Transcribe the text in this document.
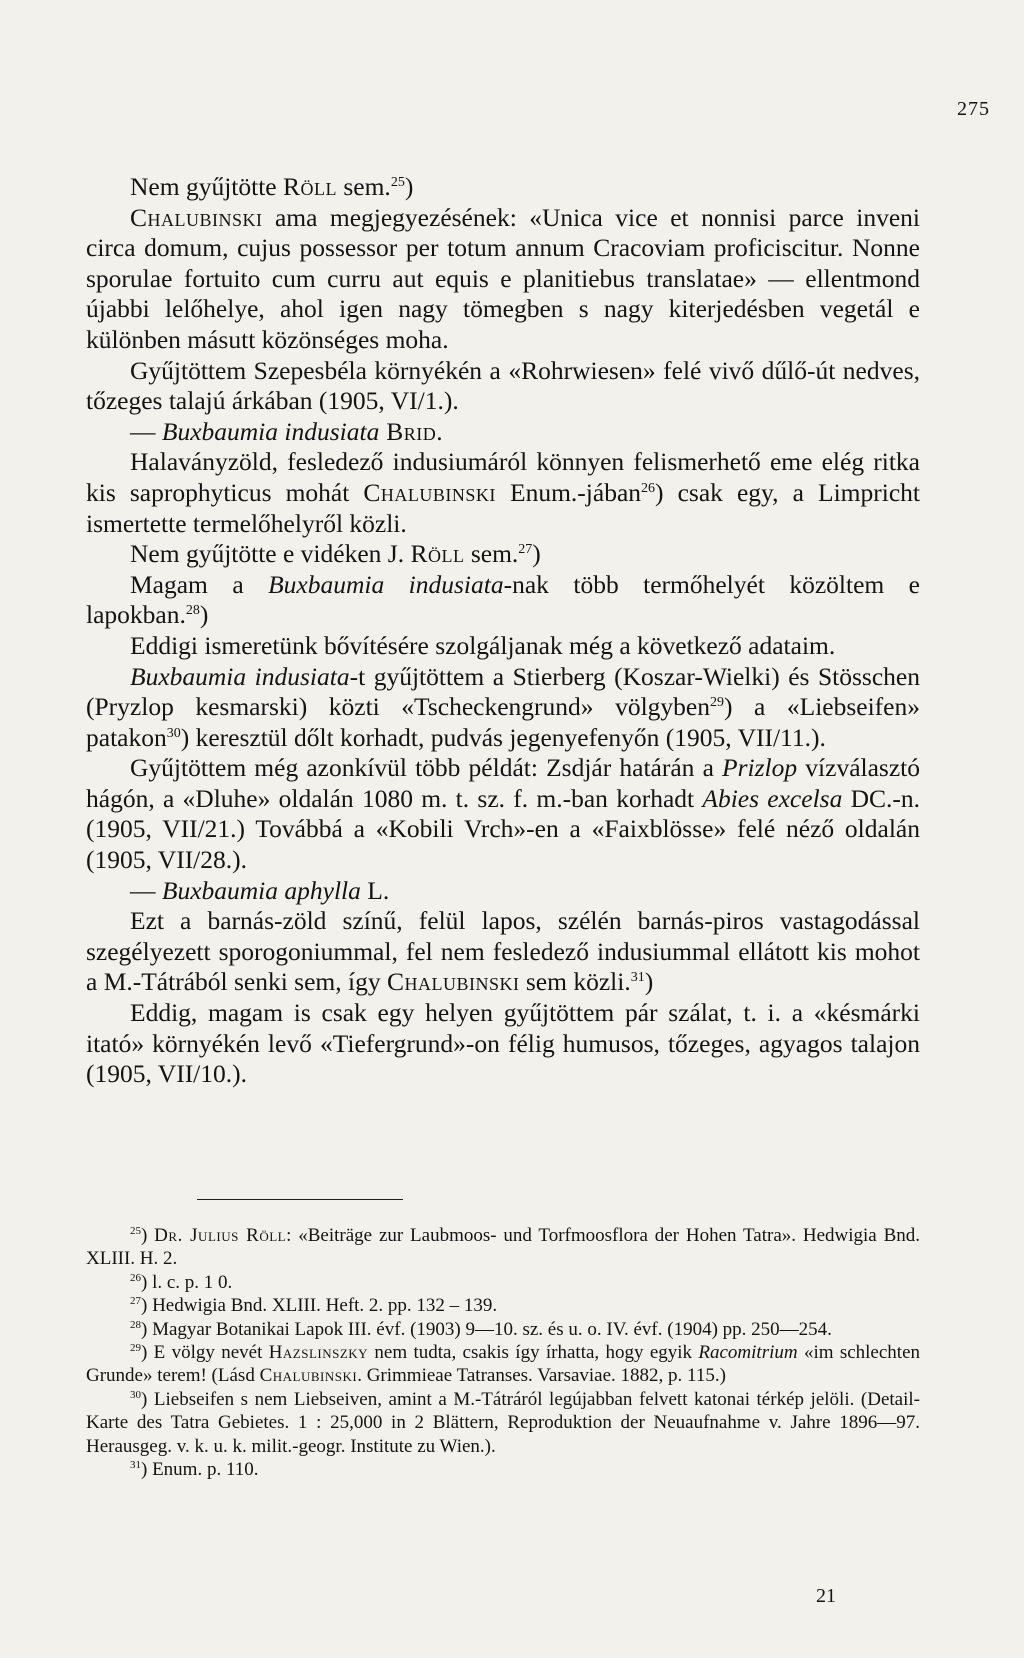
275

Nem gyűjtötte Röll sem.$^{25}$)

Chalubinski ama megjegyezésének: «Unica vice et nonnisi parce inveni circa domum, cujus possessor per totum annum Cracoviam proficiscitur. Nonne sporulae fortuito cum curru aut equis e planitiebus translatae» — ellentmond újabbi lelőhelye, ahol igen nagy tömegben s nagy kiterjedésben vegetál e különben másutt közönséges moha.

Gyűjtöttem Szepesbéla környékén a «Rohrwiesen» felé vivő dűlő-út nedves, tőzeges talajú árkában (1905, VI/1.).

— Buxbaumia indusiata Brid.

Halaványzöld, fesledező indusiumáról könnyen felismerhető eme elég ritka kis saprophyticus mohát Chalubinski Enum.-jában$^{26}$) csak egy, a Limpricht ismertette termelőhelyről közli.

Nem gyűjtötte e vidéken J. Röll sem.$^{27}$)

Magam a Buxbaumia indusiata-nak több termőhelyét közöltem e lapokban.$^{28}$)

Eddigi ismeretünk bővítésére szolgáljanak még a következő adataim.

Buxbaumia indusiata-t gyűjtöttem a Stierberg (Koszar-Wielki) és Stösschen (Pryzlop kesmarski) közti «Tscheckengrund» völgyben$^{29}$) a «Liebseifen» patakon$^{30}$) keresztül dőlt korhadt, pudvás jegenyefenyőn (1905, VII/11.).

Gyűjtöttem még azonkívül több példát: Zsdjár határán a Prizlop vízválasztó hágón, a «Dluhe» oldalán 1080 m. t. sz. f. m.-ban korhadt Abies excelsa DC.-n. (1905, VII/21.) Továbbá a «Kobili Vrch»-en a «Faixblösse» felé néző oldalán (1905, VII/28.).

— Buxbaumia aphylla L.

Ezt a barnás-zöld színű, felül lapos, szélén barnás-piros vastagodással szegélyezett sporogoniummal, fel nem fesledező indusiummal ellátott kis mohot a M.-Tátrából senki sem, így Chalubinski sem közli.$^{31}$)

Eddig, magam is csak egy helyen gyűjtöttem pár szálat, t. i. a «késmárki itató» környékén levő «Tiefergrund»-on félig humusos, tőzeges, agyagos talajon (1905, VII/10.).

$^{25}$) Dr. Julius Röll: «Beiträge zur Laubmoos- und Torfmoosflora der Hohen Tatra». Hedwigia Bnd. XLIII. H. 2.

$^{26}$) l. c. p. 1 0.

$^{27}$) Hedwigia Bnd. XLIII. Heft. 2. pp. 132 – 139.

$^{28}$) Magyar Botanikai Lapok III. évf. (1903) 9—10. sz. és u. o. IV. évf. (1904) pp. 250—254.

$^{29}$) E völgy nevét Hazslinszky nem tudta, csakis így írhatta, hogy egyik Racomitrium «im schlechten Grunde» terem! (Lásd Chalubinski. Grimmieae Tatranses. Varsaviae. 1882, p. 115.)

$^{30}$) Liebseifen s nem Liebseiven, amint a M.-Tátráról legújabban felvett katonai térkép jelöli. (Detail-Karte des Tatra Gebietes. 1 : 25,000 in 2 Blättern, Reproduktion der Neuaufnahme v. Jahre 1896—97. Herausgeg. v. k. u. k. milit.-geogr. Institute zu Wien.).

$^{31}$) Enum. p. 110.

21
